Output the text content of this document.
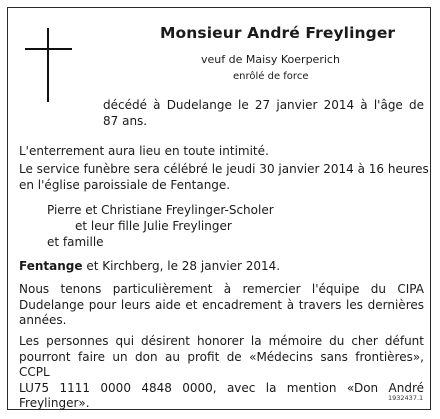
Monsieur André Freylinger
veuf de Maisy Koerperich
enrôlé de force
décédé à Dudelange le 27 janvier 2014 à l'âge de
87 ans.
L'enterrement aura lieu en toute intimité.
Le service funèbre sera célébré le jeudi 30 janvier 2014 à 16 heures
en l'église paroissiale de Fentange.
Pierre et Christiane Freylinger-Scholer
et leur fille Julie Freylinger
et famille
Fentange et Kirchberg, le 28 janvier 2014.
Nous tenons particulièrement à remercier l'équipe du CIPA
Dudelange pour leurs aide et encadrement à travers les dernières
années.
Les personnes qui désirent honorer la mémoire du cher défunt
pourront faire un don au profit de «Médecins sans frontières», CCPL
LU75 1111 0000 4848 0000, avec la mention «Don André
Freylinger».	1932437.1
